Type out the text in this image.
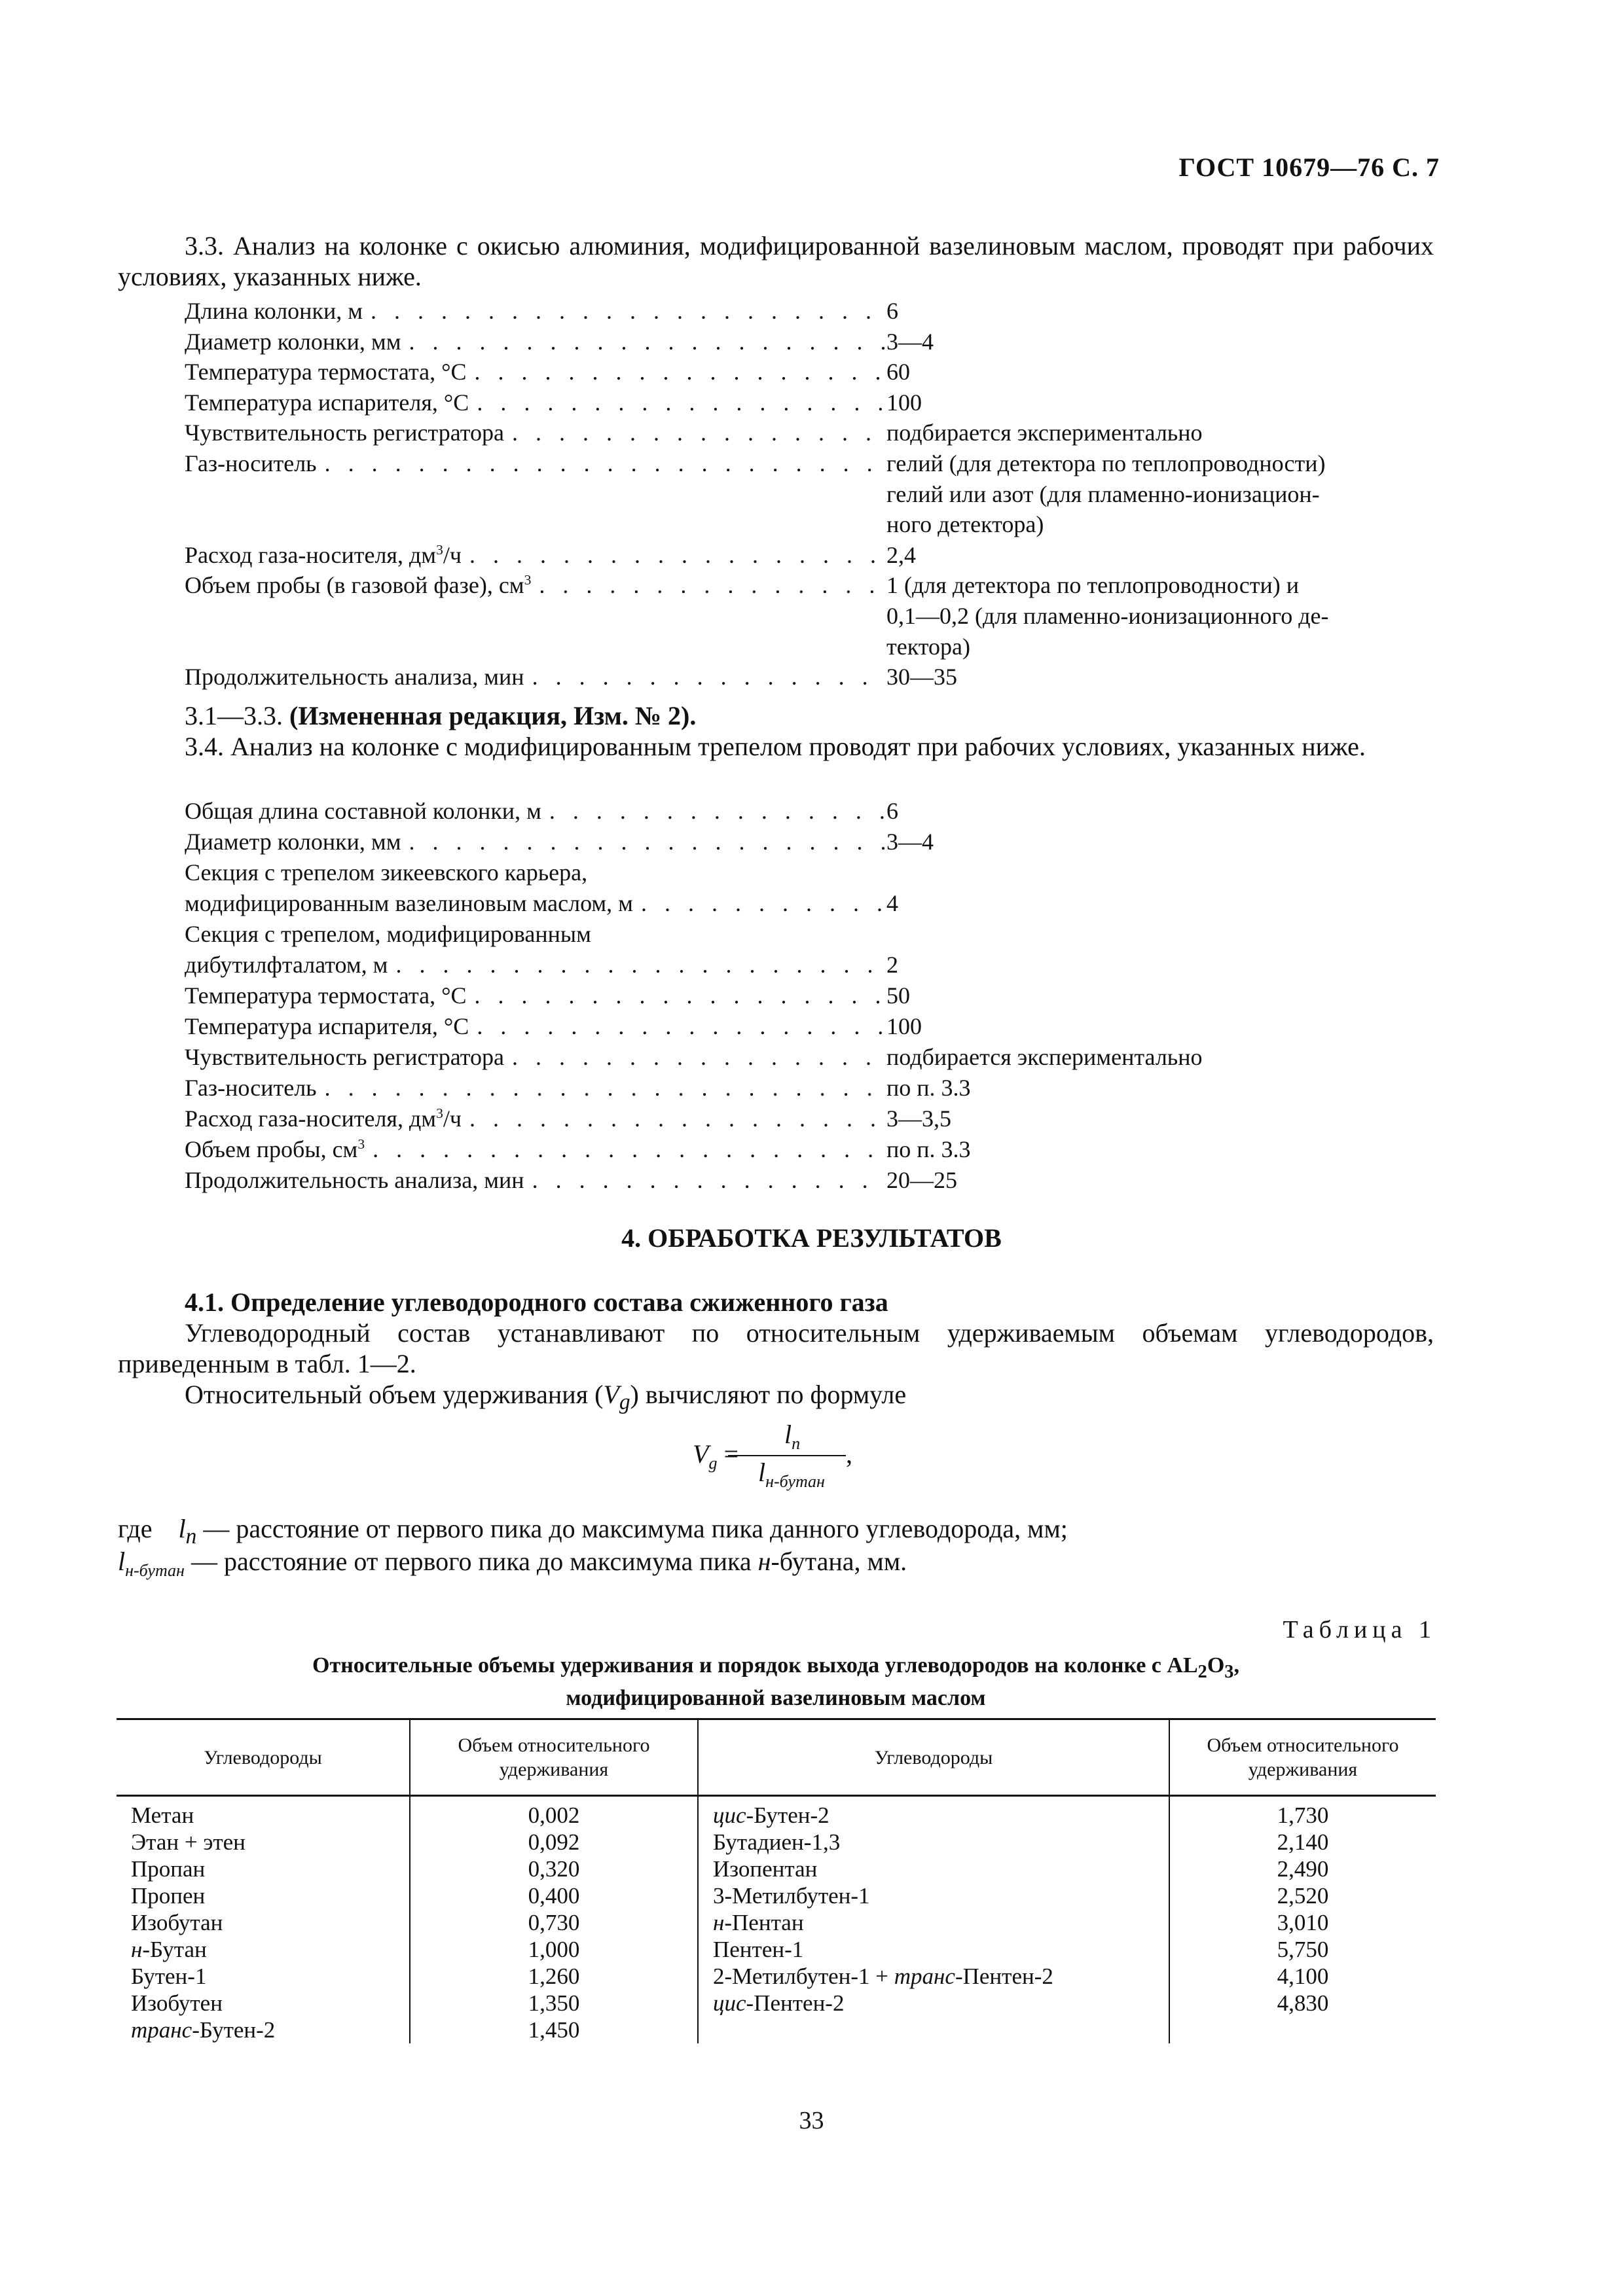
ГОСТ 10679—76 С. 7
3.3. Анализ на колонке с окисью алюминия, модифицированной вазелиновым маслом, проводят при рабочих условиях, указанных ниже.
Длина колонки, м . . .	6
Диаметр колонки, мм . . .	3—4
Температура термостата, °С . . .	60
Температура испарителя, °С . . .	100
Чувствительность регистратора . . .	подбирается экспериментально
Газ-носитель . . .	гелий (для детектора по теплопроводности)
гелий или азот (для пламенно-ионизацион-
ного детектора)
Расход газа-носителя, $дм^3/ч$ . . .	2,4
Объем пробы (в газовой фазе), $см^3$ . . .	1 (для детектора по теплопроводности) и
0,1—0,2 (для пламенно-ионизационного де-
тектора)
Продолжительность анализа, мин . . .	30—35
3.1—3.3. (Измененная редакция, Изм. № 2).
3.4. Анализ на колонке с модифицированным трепелом проводят при рабочих условиях, указанных ниже.
Общая длина составной колонки, м . . .	6
Диаметр колонки, мм . . .	3—4
Секция с трепелом зикеевского карьера,
модифицированным вазелиновым маслом, м . . .	4
Секция с трепелом, модифицированным
дибутилфталатом, м . . .	2
Температура термостата, °С . . .	50
Температура испарителя, °С . . .	100
Чувствительность регистратора . . .	подбирается экспериментально
Газ-носитель . . .	по п. 3.3
Расход газа-носителя, $дм^3/ч$ . . .	3—3,5
Объем пробы, $см^3$ . . .	по п. 3.3
Продолжительность анализа, мин . . .	20—25
4. ОБРАБОТКА РЕЗУЛЬТАТОВ
4.1. Определение углеводородного состава сжиженного газа
Углеводородный состав устанавливают по относительным удерживаемым объемам углеводородов, приведенным в табл. 1—2.
Относительный объем удерживания $(V_g)$ вычисляют по формуле
$V_g$ =
$l_n$ ,
$l_{н-бутан}$
где $l_n$ — расстояние от первого пика до максимума пика данного углеводорода, мм;
$l_{н-бутан}$ — расстояние от первого пика до максимума пика н-бутана, мм.
Таблица 1
Относительные объемы удерживания и порядок выхода углеводородов на колонке с $AL_2O_3$,
модифицированной вазелиновым маслом
Углеводороды	Объем относительного удерживания	Углеводороды	Объем относительного удерживания
Метан	0,002	цис-Бутен-2	1,730
Этан + этен	0,092	Бутадиен-1,3	2,140
Пропан	0,320	Изопентан	2,490
Пропен	0,400	3-Метилбутен-1	2,520
Изобутан	0,730	н-Пентан	3,010
н-Бутан	1,000	Пентен-1	5,750
Бутен-1	1,260	2-Метилбутен-1 + транс-Пентен-2	4,100
Изобутен	1,350	цис-Пентен-2	4,830
транс-Бутен-2	1,450		
33
